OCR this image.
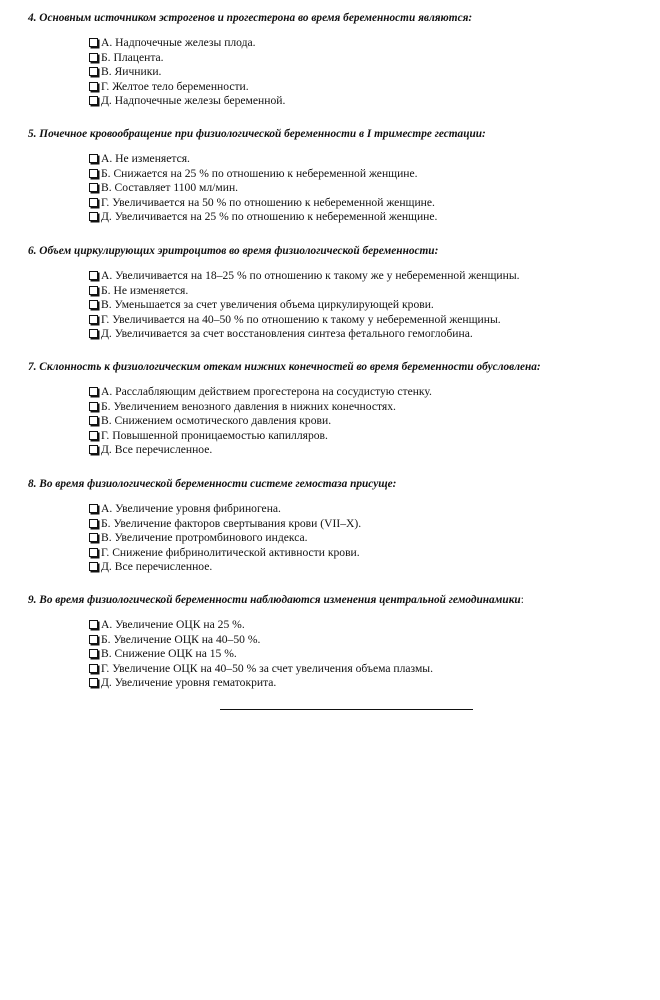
4. Основным источником эстрогенов и прогестерона во время беременности являются:
А. Надпочечные железы плода.
Б. Плацента.
В. Яичники.
Г. Желтое тело беременности.
Д. Надпочечные железы беременной.
5. Почечное кровообращение при физиологической беременности в I триместре гестации:
А. Не изменяется.
Б. Снижается на 25 % по отношению к небеременной женщине.
В. Составляет 1100 мл/мин.
Г. Увеличивается на 50 % по отношению к небеременной женщине.
Д. Увеличивается на 25 % по отношению к небеременной женщине.
6. Объем циркулирующих эритроцитов во время физиологической беременности:
А. Увеличивается на 18–25 % по отношению к такому же у небеременной женщины.
Б. Не изменяется.
В. Уменьшается за счет увеличения объема циркулирующей крови.
Г. Увеличивается на 40–50 % по отношению к такому у небеременной женщины.
Д. Увеличивается за счет восстановления синтеза фетального гемоглобина.
7. Склонность к физиологическим отекам нижних конечностей во время беременности обусловлена:
А. Расслабляющим действием прогестерона на сосудистую стенку.
Б. Увеличением венозного давления в нижних конечностях.
В. Снижением осмотического давления крови.
Г. Повышенной проницаемостью капилляров.
Д. Все перечисленное.
8. Во время физиологической беременности системе гемостаза присуще:
А. Увеличение уровня фибриногена.
Б. Увеличение факторов свертывания крови (VII–X).
В. Увеличение протромбинового индекса.
Г. Снижение фибринолитической активности крови.
Д. Все перечисленное.
9. Во время физиологической беременности наблюдаются изменения центральной гемодинамики:
А. Увеличение ОЦК на 25 %.
Б. Увеличение ОЦК на 40–50 %.
В. Снижение ОЦК на 15 %.
Г. Увеличение ОЦК на 40–50 % за счет увеличения объема плазмы.
Д. Увеличение уровня гематокрита.
